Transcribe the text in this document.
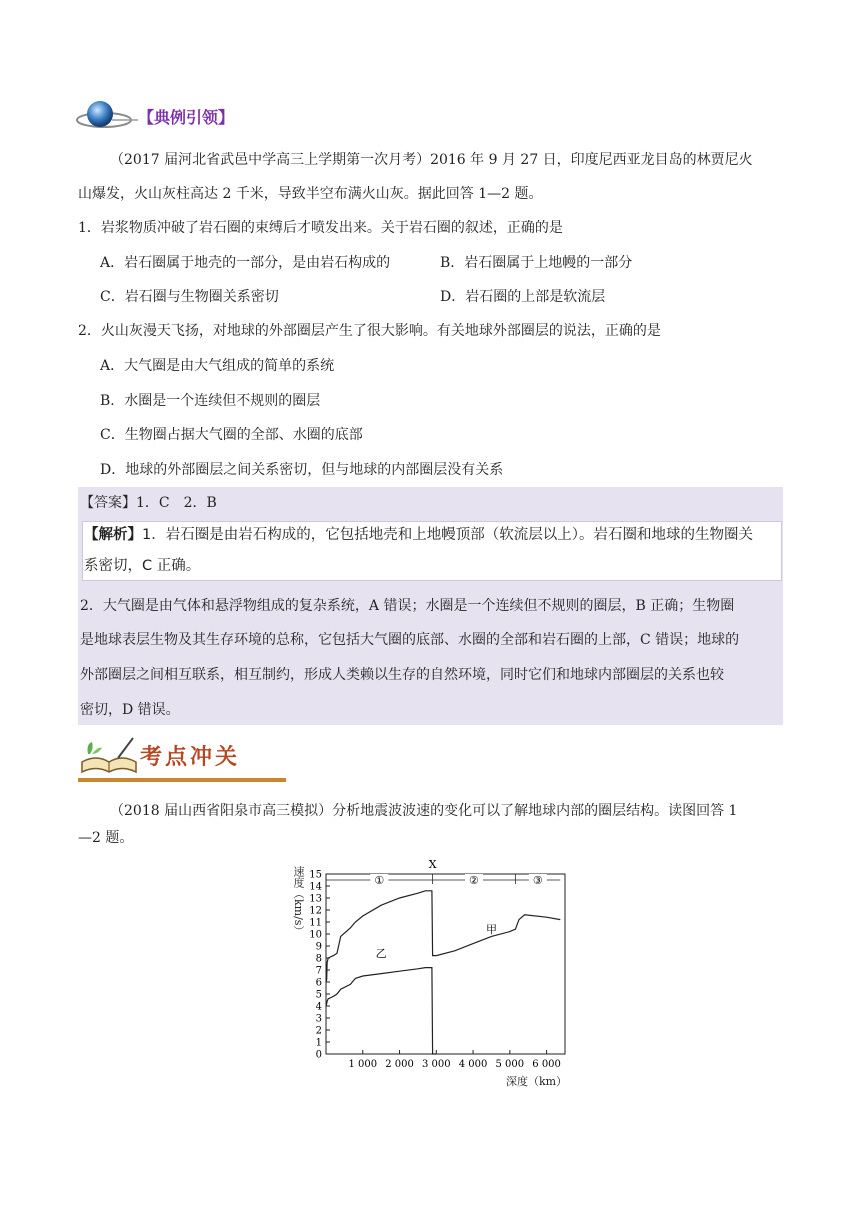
【典例引领】
（2017 届河北省武邑中学高三上学期第一次月考）2016 年 9 月 27 日，印度尼西亚龙目岛的林贾尼火
山爆发，火山灰柱高达 2 千米，导致半空布满火山灰。据此回答 1—2 题。
1．岩浆物质冲破了岩石圈的束缚后才喷发出来。关于岩石圈的叙述，正确的是
A．岩石圈属于地壳的一部分，是由岩石构成的	B．岩石圈属于上地幔的一部分
C．岩石圈与生物圈关系密切	D．岩石圈的上部是软流层
2．火山灰漫天飞扬，对地球的外部圈层产生了很大影响。有关地球外部圈层的说法，正确的是
A．大气圈是由大气组成的简单的系统
B．水圈是一个连续但不规则的圈层
C．生物圈占据大气圈的全部、水圈的底部
D．地球的外部圈层之间关系密切，但与地球的内部圈层没有关系
【答案】1．C　2．B
【解析】1．岩石圈是由岩石构成的，它包括地壳和上地幔顶部（软流层以上）。岩石圈和地球的生物圈关
系密切，C 正确。
2．大气圈是由气体和悬浮物组成的复杂系统，A 错误；水圈是一个连续但不规则的圈层，B 正确；生物圈
是地球表层生物及其生存环境的总称，它包括大气圈的底部、水圈的全部和岩石圈的上部，C 错误；地球的
外部圈层之间相互联系，相互制约，形成人类赖以生存的自然环境，同时它们和地球内部圈层的关系也较
密切，D 错误。
考点冲关
（2018 届山西省阳泉市高三模拟）分析地震波波速的变化可以了解地球内部的圈层结构。读图回答 1
—2 题。
①	②	③
X
甲
乙
0
1
2
3
4
5
6
7
8
9
10
11
12
13
14
15
1 000 2 000 3 000 4 000 5 000 6 000
速度（km/s）
深度（km）
